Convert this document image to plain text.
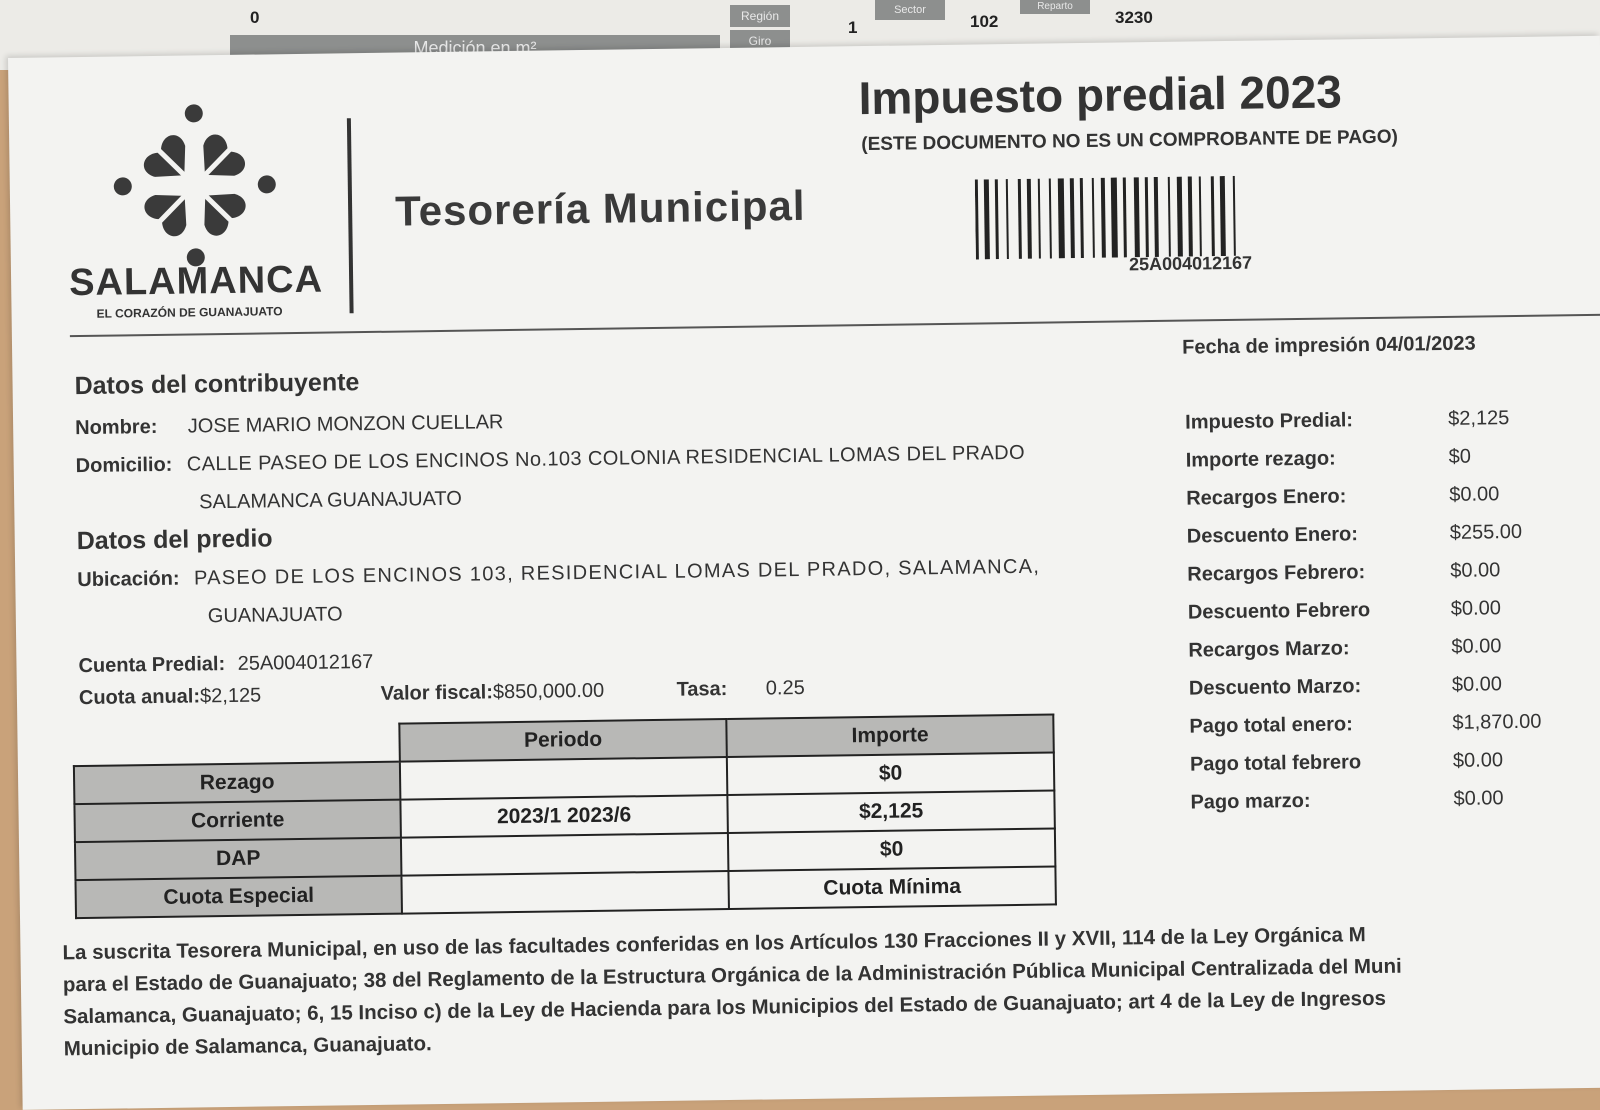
0
Medición en m²
Región
Giro
Sector	Reparto
1	102	3230
SALAMANCA
EL CORAZÓN DE GUANAJUATO
Tesorería Municipal
Impuesto predial 2023
(ESTE DOCUMENTO NO ES UN COMPROBANTE DE PAGO)
25A004012167
Fecha de impresión 04/01/2023
Datos del contribuyente
Nombre: JOSE MARIO MONZON CUELLAR
Domicilio: CALLE PASEO DE LOS ENCINOS No.103 COLONIA RESIDENCIAL LOMAS DEL PRADO
SALAMANCA GUANAJUATO
Datos del predio
Ubicación: PASEO DE LOS ENCINOS 103, RESIDENCIAL LOMAS DEL PRADO, SALAMANCA,
GUANAJUATO
Cuenta Predial: 25A004012167
Cuota anual:$2,125	Valor fiscal:$850,000.00	Tasa: 0.25
	Periodo	Importe
Rezago		$0
Corriente	2023/1 2023/6	$2,125
DAP		$0
Cuota Especial		Cuota Mínima
Impuesto Predial:	$2,125
Importe rezago:	$0
Recargos Enero:	$0.00
Descuento Enero:	$255.00
Recargos Febrero:	$0.00
Descuento Febrero	$0.00
Recargos Marzo:	$0.00
Descuento Marzo:	$0.00
Pago total enero:	$1,870.00
Pago total febrero	$0.00
Pago marzo:	$0.00
La suscrita Tesorera Municipal, en uso de las facultades conferidas en los Artículos 130 Fracciones II y XVII, 114 de la Ley Orgánica M
para el Estado de Guanajuato; 38 del Reglamento de la Estructura Orgánica de la Administración Pública Municipal Centralizada del Muni
Salamanca, Guanajuato; 6, 15 Inciso c) de la Ley de Hacienda para los Municipios del Estado de Guanajuato; art 4 de la Ley de Ingresos
Municipio de Salamanca, Guanajuato.
